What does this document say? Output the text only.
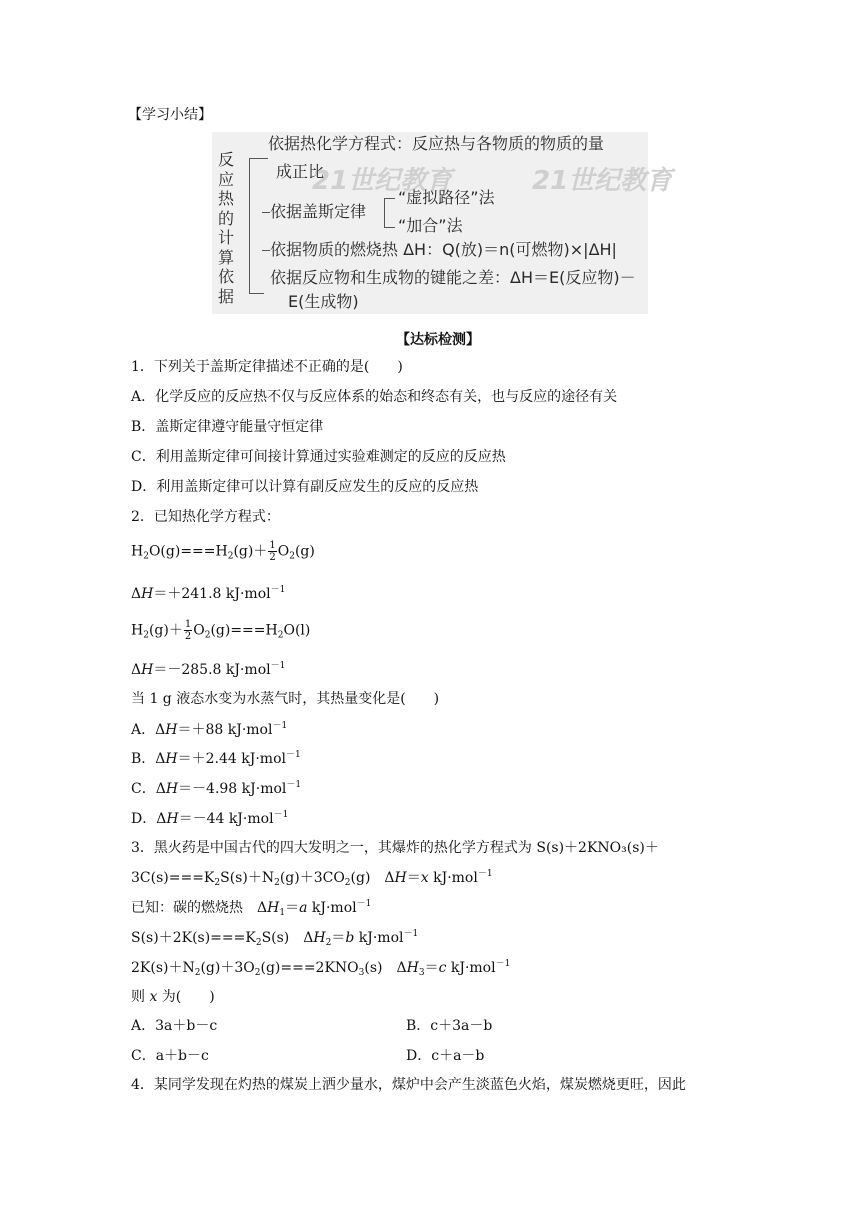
【学习小结】
21世纪教育	21世纪教育
反
应
热
的
计
算
依
据
依据热化学方程式：反应热与各物质的物质的量
成正比
依据盖斯定律
“虚拟路径”法
“加合”法
依据物质的燃烧热 ΔH：Q(放)＝n(可燃物)×|ΔH|
依据反应物和生成物的键能之差：ΔH＝E(反应物)－
E(生成物)
【达标检测】
1．下列关于盖斯定律描述不正确的是(　　)
A．化学反应的反应热不仅与反应体系的始态和终态有关，也与反应的途径有关
B．盖斯定律遵守能量守恒定律
C．利用盖斯定律可间接计算通过实验难测定的反应的反应热
D．利用盖斯定律可以计算有副反应发生的反应的反应热
2．已知热化学方程式：
$H_2O(g)===H_2(g)+ \frac{1}{2} O_2(g)$
ΔH＝＋241.8 kJ·mol$^{-1}$
$H_2(g)+ \frac{1}{2} O_2(g)===H_2O(l)$
ΔH＝－285.8 kJ·mol$^{-1}$
当 1 g 液态水变为水蒸气时，其热量变化是(　　)
A．ΔH＝＋88 kJ·mol$^{-1}$
B．ΔH＝＋2.44 kJ·mol$^{-1}$
C．ΔH＝－4.98 kJ·mol$^{-1}$
D．ΔH＝－44 kJ·mol$^{-1}$
3．黑火药是中国古代的四大发明之一，其爆炸的热化学方程式为 S(s)＋2KNO₃(s)＋
$3C(s)===K_2S(s)+N_2(g)+3CO_2(g)$　ΔH＝x kJ·mol$^{-1}$
已知：碳的燃烧热　$\Delta H_1=a$ kJ·mol$^{-1}$
$S(s)+2K(s)===K_2S(s)$　$\Delta H_2=b$ kJ·mol$^{-1}$
$2K(s)+N_2(g)+3O_2(g)===2KNO_3(s)$　$\Delta H_3=c$ kJ·mol$^{-1}$
则 x 为(　　)
A．3a＋b－c	B．c＋3a－b
C．a＋b－c	D．c＋a－b
4．某同学发现在灼热的煤炭上洒少量水，煤炉中会产生淡蓝色火焰，煤炭燃烧更旺，因此
